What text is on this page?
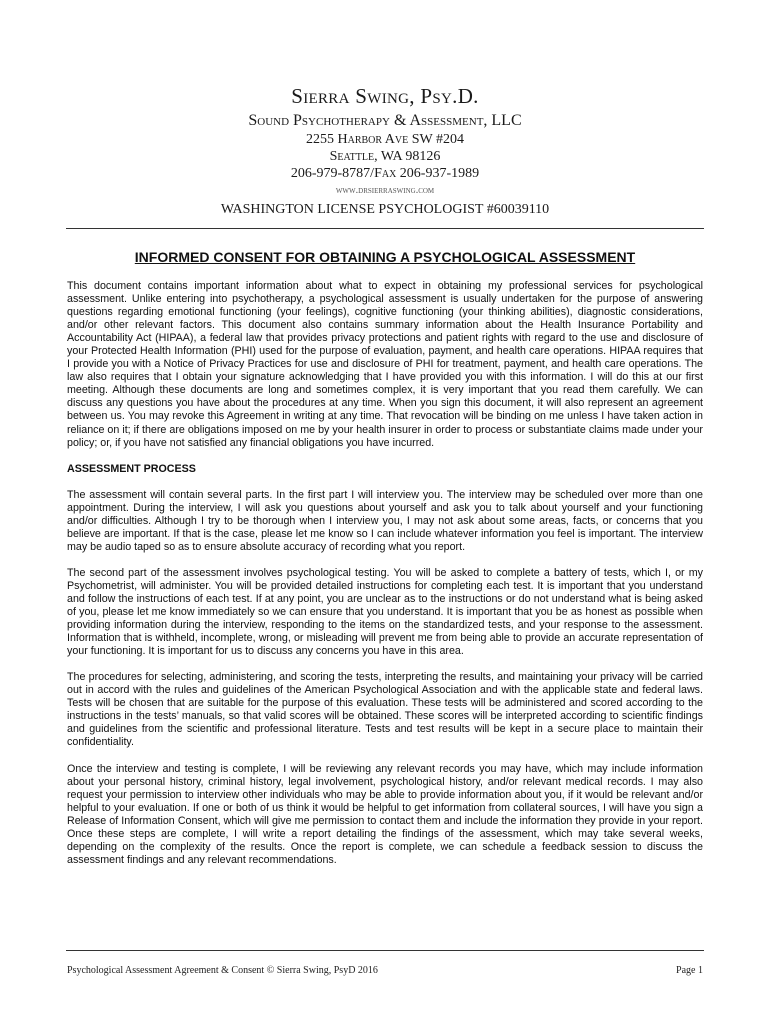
Sierra Swing, Psy.D.
Sound Psychotherapy & Assessment, LLC
2255 Harbor Ave SW #204
Seattle, WA 98126
206-979-8787/Fax 206-937-1989
www.drsierraswing.com
WASHINGTON LICENSE PSYCHOLOGIST #60039110
INFORMED CONSENT FOR OBTAINING A PSYCHOLOGICAL ASSESSMENT

This document contains important information about what to expect in obtaining my professional services for psychological assessment. Unlike entering into psychotherapy, a psychological assessment is usually undertaken for the purpose of answering questions regarding emotional functioning (your feelings), cognitive functioning (your thinking abilities), diagnostic considerations, and/or other relevant factors. This document also contains summary information about the Health Insurance Portability and Accountability Act (HIPAA), a federal law that provides privacy protections and patient rights with regard to the use and disclosure of your Protected Health Information (PHI) used for the purpose of evaluation, payment, and health care operations. HIPAA requires that I provide you with a Notice of Privacy Practices for use and disclosure of PHI for treatment, payment, and health care operations. The law also requires that I obtain your signature acknowledging that I have provided you with this information. I will do this at our first meeting. Although these documents are long and sometimes complex, it is very important that you read them carefully. We can discuss any questions you have about the procedures at any time. When you sign this document, it will also represent an agreement between us. You may revoke this Agreement in writing at any time. That revocation will be binding on me unless I have taken action in reliance on it; if there are obligations imposed on me by your health insurer in order to process or substantiate claims made under your policy; or, if you have not satisfied any financial obligations you have incurred.

ASSESSMENT PROCESS

The assessment will contain several parts. In the first part I will interview you. The interview may be scheduled over more than one appointment. During the interview, I will ask you questions about yourself and ask you to talk about yourself and your functioning and/or difficulties. Although I try to be thorough when I interview you, I may not ask about some areas, facts, or concerns that you believe are important. If that is the case, please let me know so I can include whatever information you feel is important. The interview may be audio taped so as to ensure absolute accuracy of recording what you report.

The second part of the assessment involves psychological testing. You will be asked to complete a battery of tests, which I, or my Psychometrist, will administer. You will be provided detailed instructions for completing each test. It is important that you understand and follow the instructions of each test. If at any point, you are unclear as to the instructions or do not understand what is being asked of you, please let me know immediately so we can ensure that you understand. It is important that you be as honest as possible when providing information during the interview, responding to the items on the standardized tests, and your response to the assessment. Information that is withheld, incomplete, wrong, or misleading will prevent me from being able to provide an accurate representation of your functioning. It is important for us to discuss any concerns you have in this area.

The procedures for selecting, administering, and scoring the tests, interpreting the results, and maintaining your privacy will be carried out in accord with the rules and guidelines of the American Psychological Association and with the applicable state and federal laws. Tests will be chosen that are suitable for the purpose of this evaluation. These tests will be administered and scored according to the instructions in the tests’ manuals, so that valid scores will be obtained. These scores will be interpreted according to scientific findings and guidelines from the scientific and professional literature. Tests and test results will be kept in a secure place to maintain their confidentiality.

Once the interview and testing is complete, I will be reviewing any relevant records you may have, which may include information about your personal history, criminal history, legal involvement, psychological history, and/or relevant medical records. I may also request your permission to interview other individuals who may be able to provide information about you, if it would be relevant and/or helpful to your evaluation. If one or both of us think it would be helpful to get information from collateral sources, I will have you sign a Release of Information Consent, which will give me permission to contact them and include the information they provide in your report. Once these steps are complete, I will write a report detailing the findings of the assessment, which may take several weeks, depending on the complexity of the results. Once the report is complete, we can schedule a feedback session to discuss the assessment findings and any relevant recommendations.

Psychological Assessment Agreement & Consent © Sierra Swing, PsyD 2016	Page 1
